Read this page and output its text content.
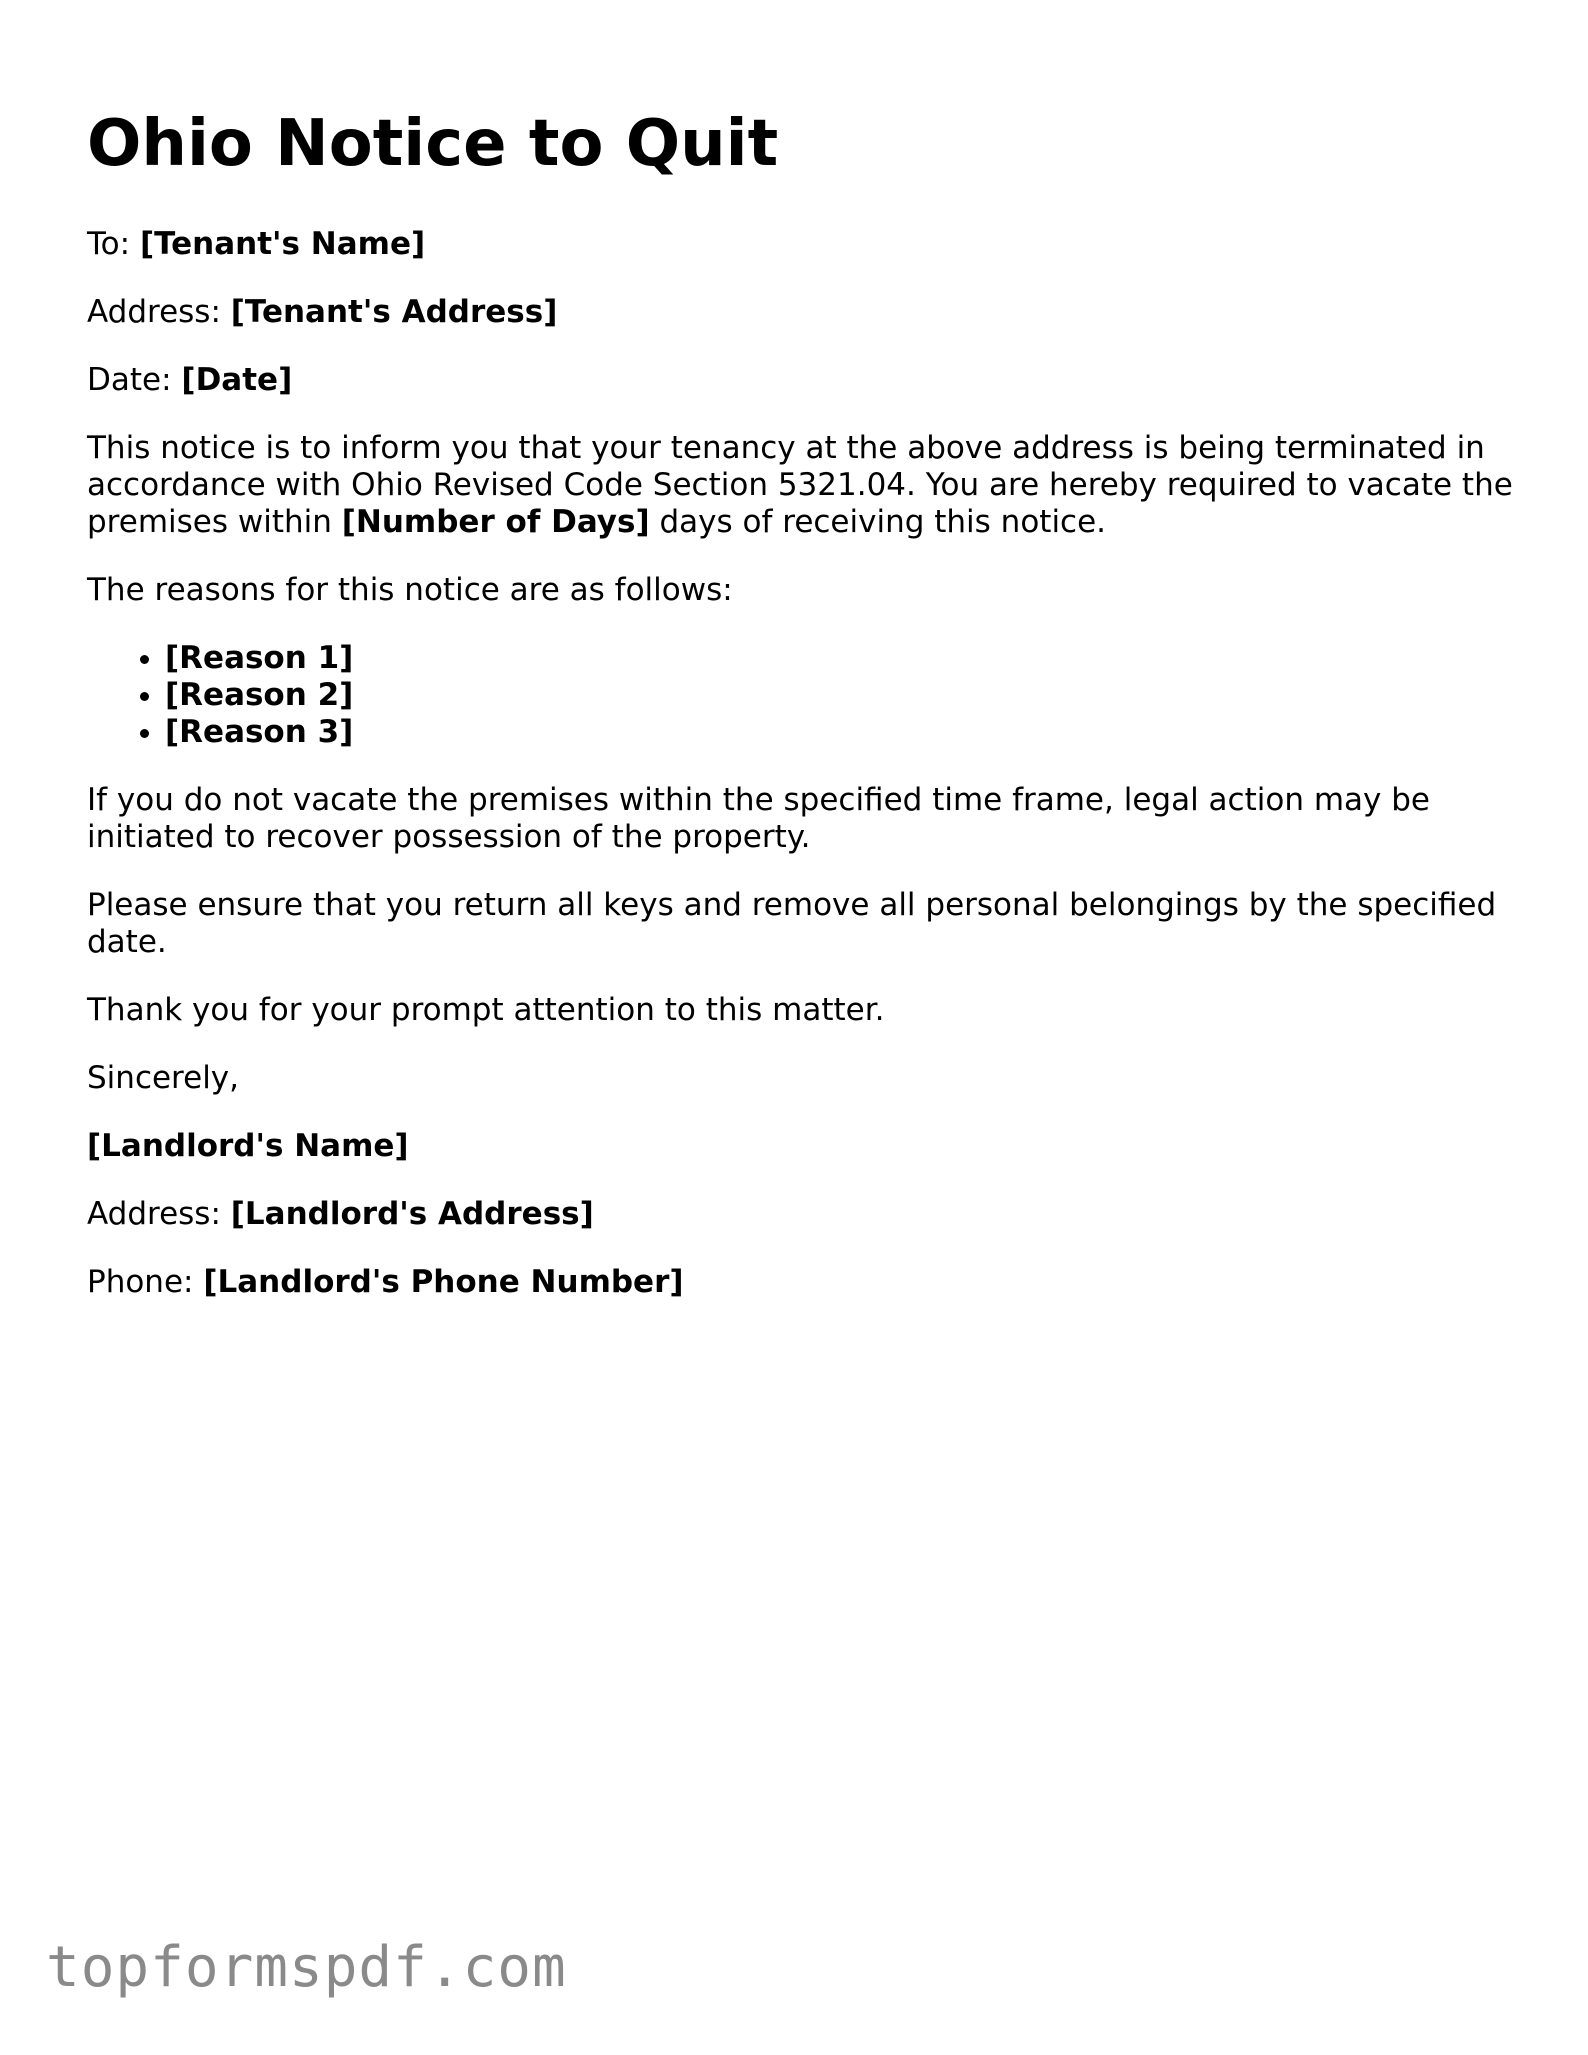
Ohio Notice to Quit

To: [Tenant's Name]

Address: [Tenant's Address]

Date: [Date]

This notice is to inform you that your tenancy at the above address is being terminated in accordance with Ohio Revised Code Section 5321.04. You are hereby required to vacate the premises within [Number of Days] days of receiving this notice.

The reasons for this notice are as follows:

• [Reason 1]
• [Reason 2]
• [Reason 3]

If you do not vacate the premises within the specified time frame, legal action may be initiated to recover possession of the property.

Please ensure that you return all keys and remove all personal belongings by the specified date.

Thank you for your prompt attention to this matter.

Sincerely,

[Landlord's Name]

Address: [Landlord's Address]

Phone: [Landlord's Phone Number]

topformspdf.com
